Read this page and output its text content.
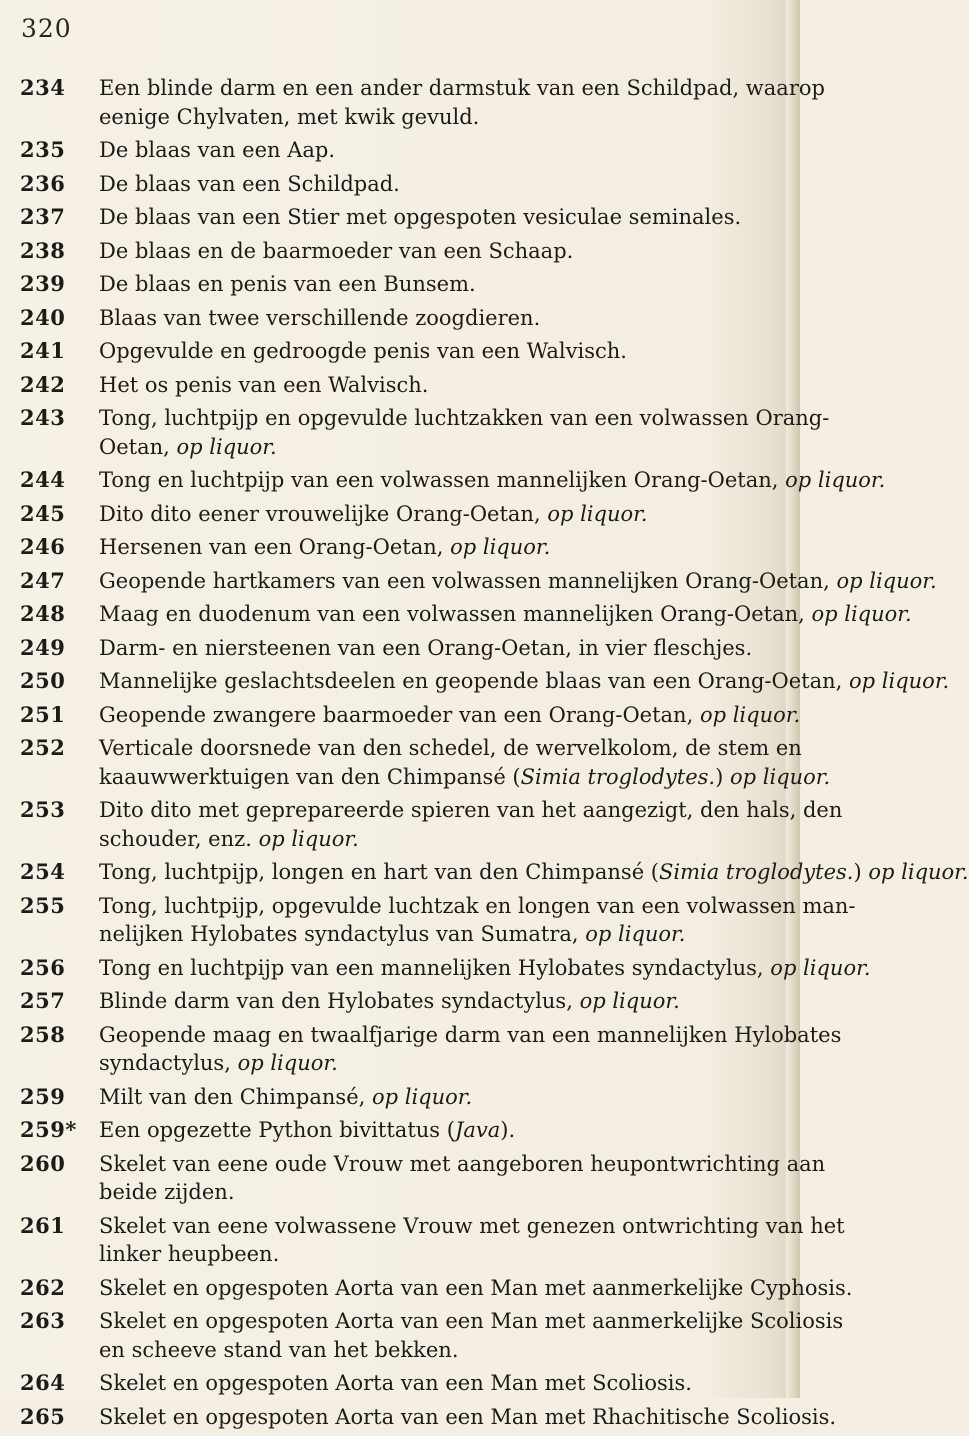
320
234	Een blinde darm en een ander darmstuk van een Schildpad, waarop
eenige Chylvaten, met kwik gevuld.
235	De blaas van een Aap.
236	De blaas van een Schildpad.
237	De blaas van een Stier met opgespoten vesiculae seminales.
238	De blaas en de baarmoeder van een Schaap.
239	De blaas en penis van een Bunsem.
240	Blaas van twee verschillende zoogdieren.
241	Opgevulde en gedroogde penis van een Walvisch.
242	Het os penis van een Walvisch.
243	Tong, luchtpijp en opgevulde luchtzakken van een volwassen Orang-
Oetan, op liquor.
244	Tong en luchtpijp van een volwassen mannelijken Orang-Oetan, op liquor.
245	Dito dito eener vrouwelijke Orang-Oetan, op liquor.
246	Hersenen van een Orang-Oetan, op liquor.
247	Geopende hartkamers van een volwassen mannelijken Orang-Oetan, op liquor.
248	Maag en duodenum van een volwassen mannelijken Orang-Oetan, op liquor.
249	Darm- en niersteenen van een Orang-Oetan, in vier fleschjes.
250	Mannelijke geslachtsdeelen en geopende blaas van een Orang-Oetan, op liquor.
251	Geopende zwangere baarmoeder van een Orang-Oetan, op liquor.
252	Verticale doorsnede van den schedel, de wervelkolom, de stem en
kaauwwerktuigen van den Chimpansé (Simia troglodytes.) op liquor.
253	Dito dito met geprepareerde spieren van het aangezigt, den hals, den
schouder, enz. op liquor.
254	Tong, luchtpijp, longen en hart van den Chimpansé (Simia troglodytes.) op liquor.
255	Tong, luchtpijp, opgevulde luchtzak en longen van een volwassen man-
nelijken Hylobates syndactylus van Sumatra, op liquor.
256	Tong en luchtpijp van een mannelijken Hylobates syndactylus, op liquor.
257	Blinde darm van den Hylobates syndactylus, op liquor.
258	Geopende maag en twaalfjarige darm van een mannelijken Hylobates
syndactylus, op liquor.
259	Milt van den Chimpansé, op liquor.
259*	Een opgezette Python bivittatus (Java).
260	Skelet van eene oude Vrouw met aangeboren heupontwrichting aan
beide zijden.
261	Skelet van eene volwassene Vrouw met genezen ontwrichting van het
linker heupbeen.
262	Skelet en opgespoten Aorta van een Man met aanmerkelijke Cyphosis.
263	Skelet en opgespoten Aorta van een Man met aanmerkelijke Scoliosis
en scheeve stand van het bekken.
264	Skelet en opgespoten Aorta van een Man met Scoliosis.
265	Skelet en opgespoten Aorta van een Man met Rhachitische Scoliosis.
